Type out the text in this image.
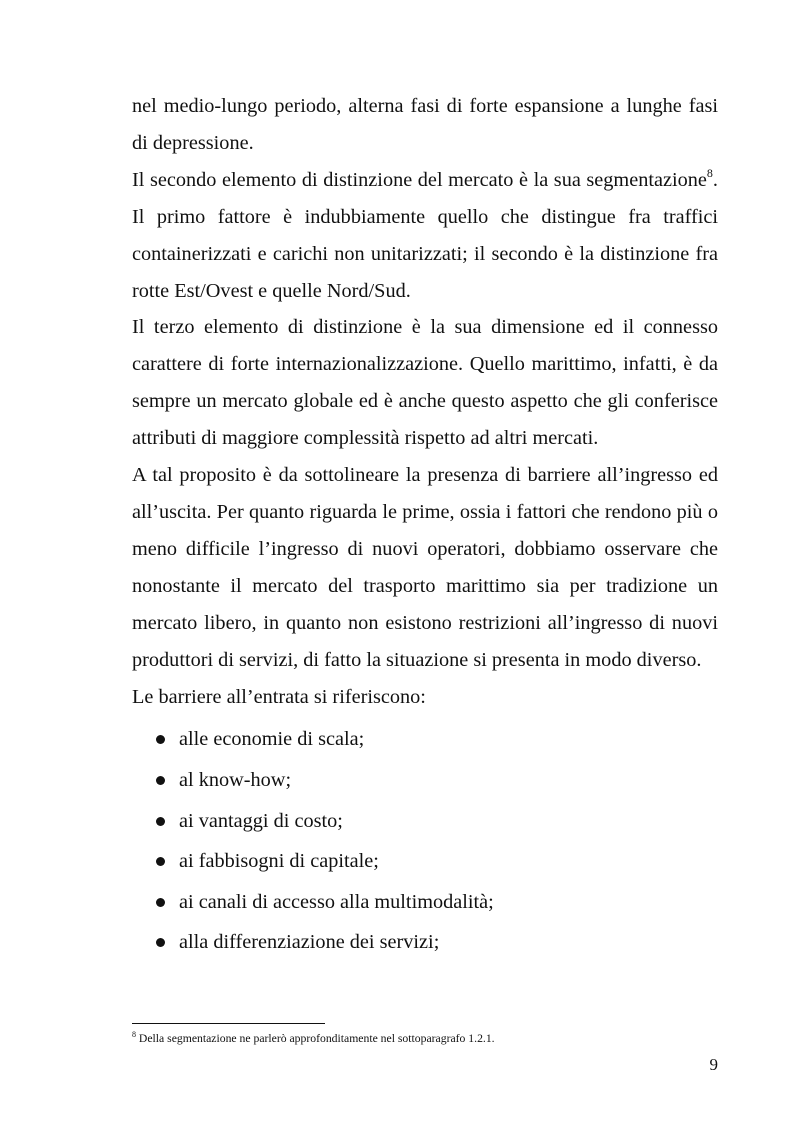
nel medio-lungo periodo, alterna fasi di forte espansione a lunghe fasi di depressione.

Il secondo elemento di distinzione del mercato è la sua segmentazione$^8$. Il primo fattore è indubbiamente quello che distingue fra traffici containerizzati e carichi non unitarizzati; il secondo è la distinzione fra rotte Est/Ovest e quelle Nord/Sud.

Il terzo elemento di distinzione è la sua dimensione ed il connesso carattere di forte internazionalizzazione. Quello marittimo, infatti, è da sempre un mercato globale ed è anche questo aspetto che gli conferisce attributi di maggiore complessità rispetto ad altri mercati.

A tal proposito è da sottolineare la presenza di barriere all’ingresso ed all’uscita. Per quanto riguarda le prime, ossia i fattori che rendono più o meno difficile l’ingresso di nuovi operatori, dobbiamo osservare che nonostante il mercato del trasporto marittimo sia per tradizione un mercato libero, in quanto non esistono restrizioni all’ingresso di nuovi produttori di servizi, di fatto la situazione si presenta in modo diverso.

Le barriere all’entrata si riferiscono:

alle economie di scala;
al know-how;
ai vantaggi di costo;
ai fabbisogni di capitale;
ai canali di accesso alla multimodalità;
alla differenziazione dei servizi;
$^8$ Della segmentazione ne parlerò approfonditamente nel sottoparagrafo 1.2.1.
9
